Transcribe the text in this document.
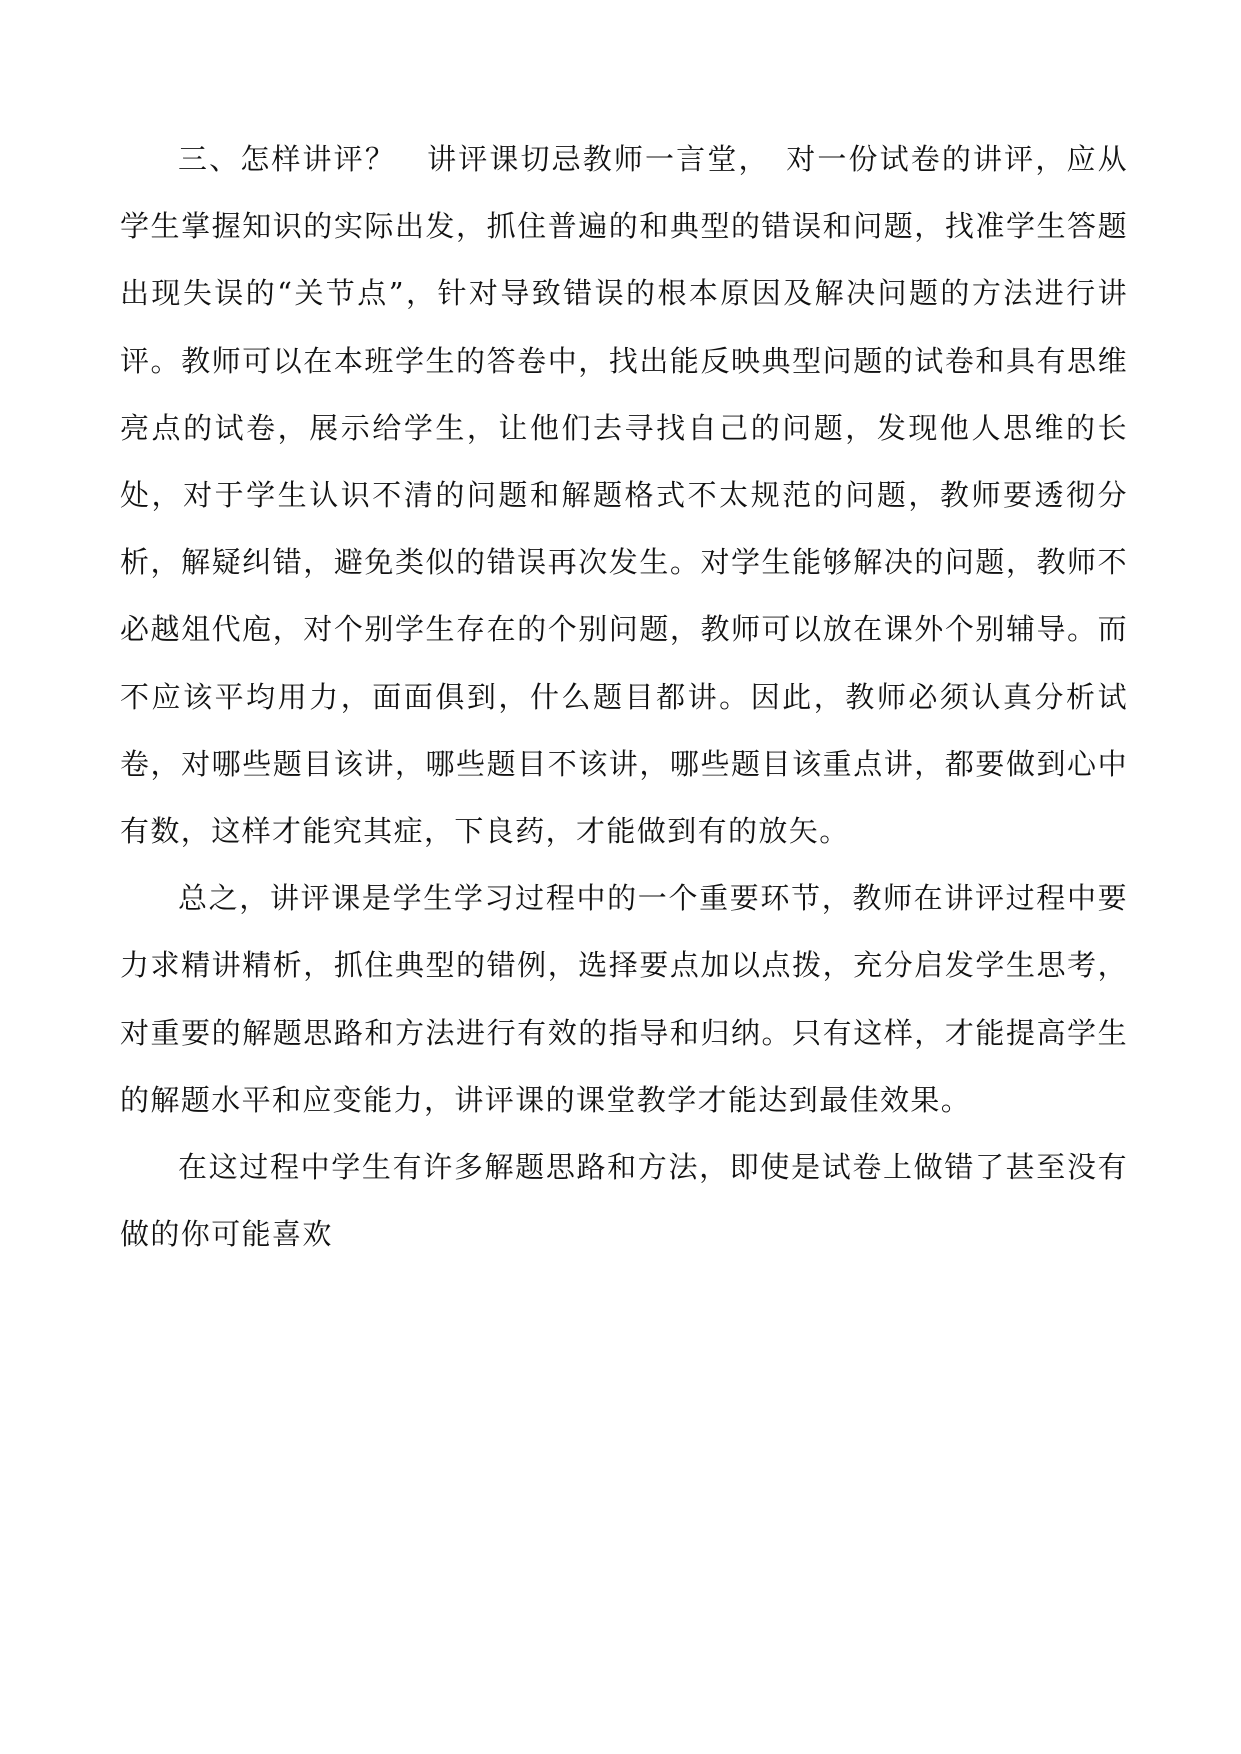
三、怎样讲评？　讲评课切忌教师一言堂，　对一份试卷的讲评，应从学生掌握知识的实际出发，抓住普遍的和典型的错误和问题，找准学生答题出现失误的“关节点”，针对导致错误的根本原因及解决问题的方法进行讲评。教师可以在本班学生的答卷中，找出能反映典型问题的试卷和具有思维亮点的试卷，展示给学生，让他们去寻找自己的问题，发现他人思维的长处，对于学生认识不清的问题和解题格式不太规范的问题，教师要透彻分析，解疑纠错，避免类似的错误再次发生。对学生能够解决的问题，教师不必越俎代庖，对个别学生存在的个别问题，教师可以放在课外个别辅导。而不应该平均用力，面面俱到，什么题目都讲。因此，教师必须认真分析试卷，对哪些题目该讲，哪些题目不该讲，哪些题目该重点讲，都要做到心中有数，这样才能究其症，下良药，才能做到有的放矢。

总之，讲评课是学生学习过程中的一个重要环节，教师在讲评过程中要力求精讲精析，抓住典型的错例，选择要点加以点拨，充分启发学生思考，对重要的解题思路和方法进行有效的指导和归纳。只有这样，才能提高学生的解题水平和应变能力，讲评课的课堂教学才能达到最佳效果。

在这过程中学生有许多解题思路和方法，即使是试卷上做错了甚至没有做的你可能喜欢
